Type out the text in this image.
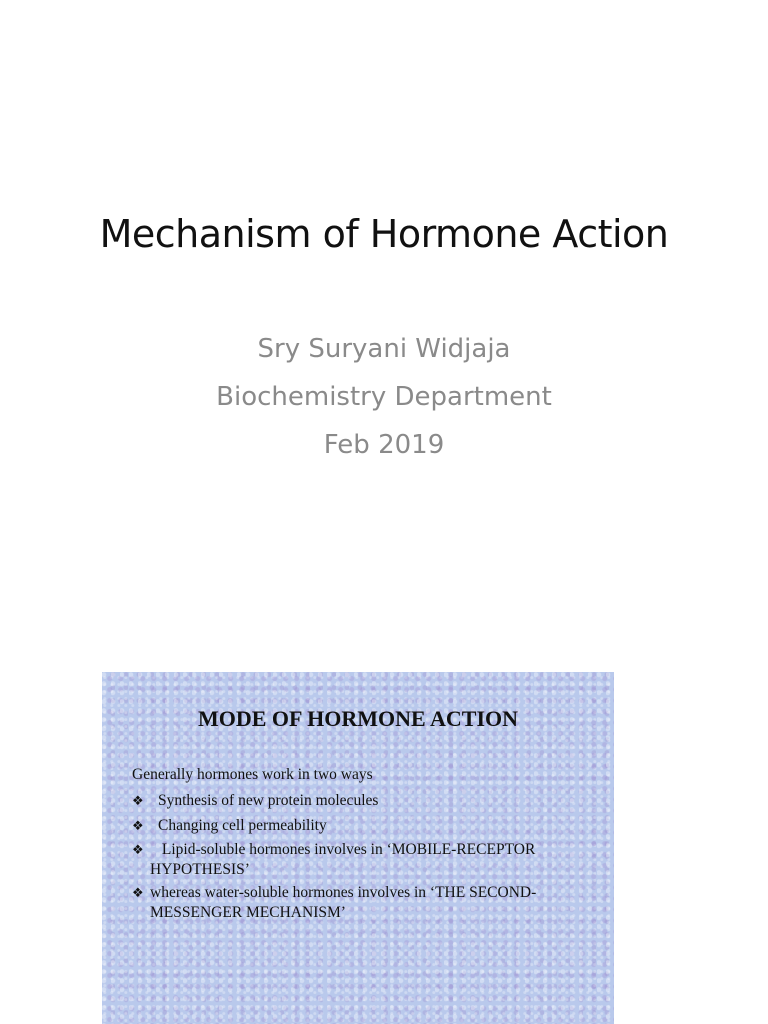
Mechanism of Hormone Action
Sry Suryani Widjaja
Biochemistry Department
Feb 2019
MODE OF HORMONE ACTION
Generally hormones work in two ways
❖ Synthesis of new protein molecules
❖ Changing cell permeability
❖ Lipid-soluble hormones involves in ‘MOBILE-RECEPTOR
HYPOTHESIS’
❖ whereas water-soluble hormones involves in ‘THE SECOND-
MESSENGER MECHANISM’
